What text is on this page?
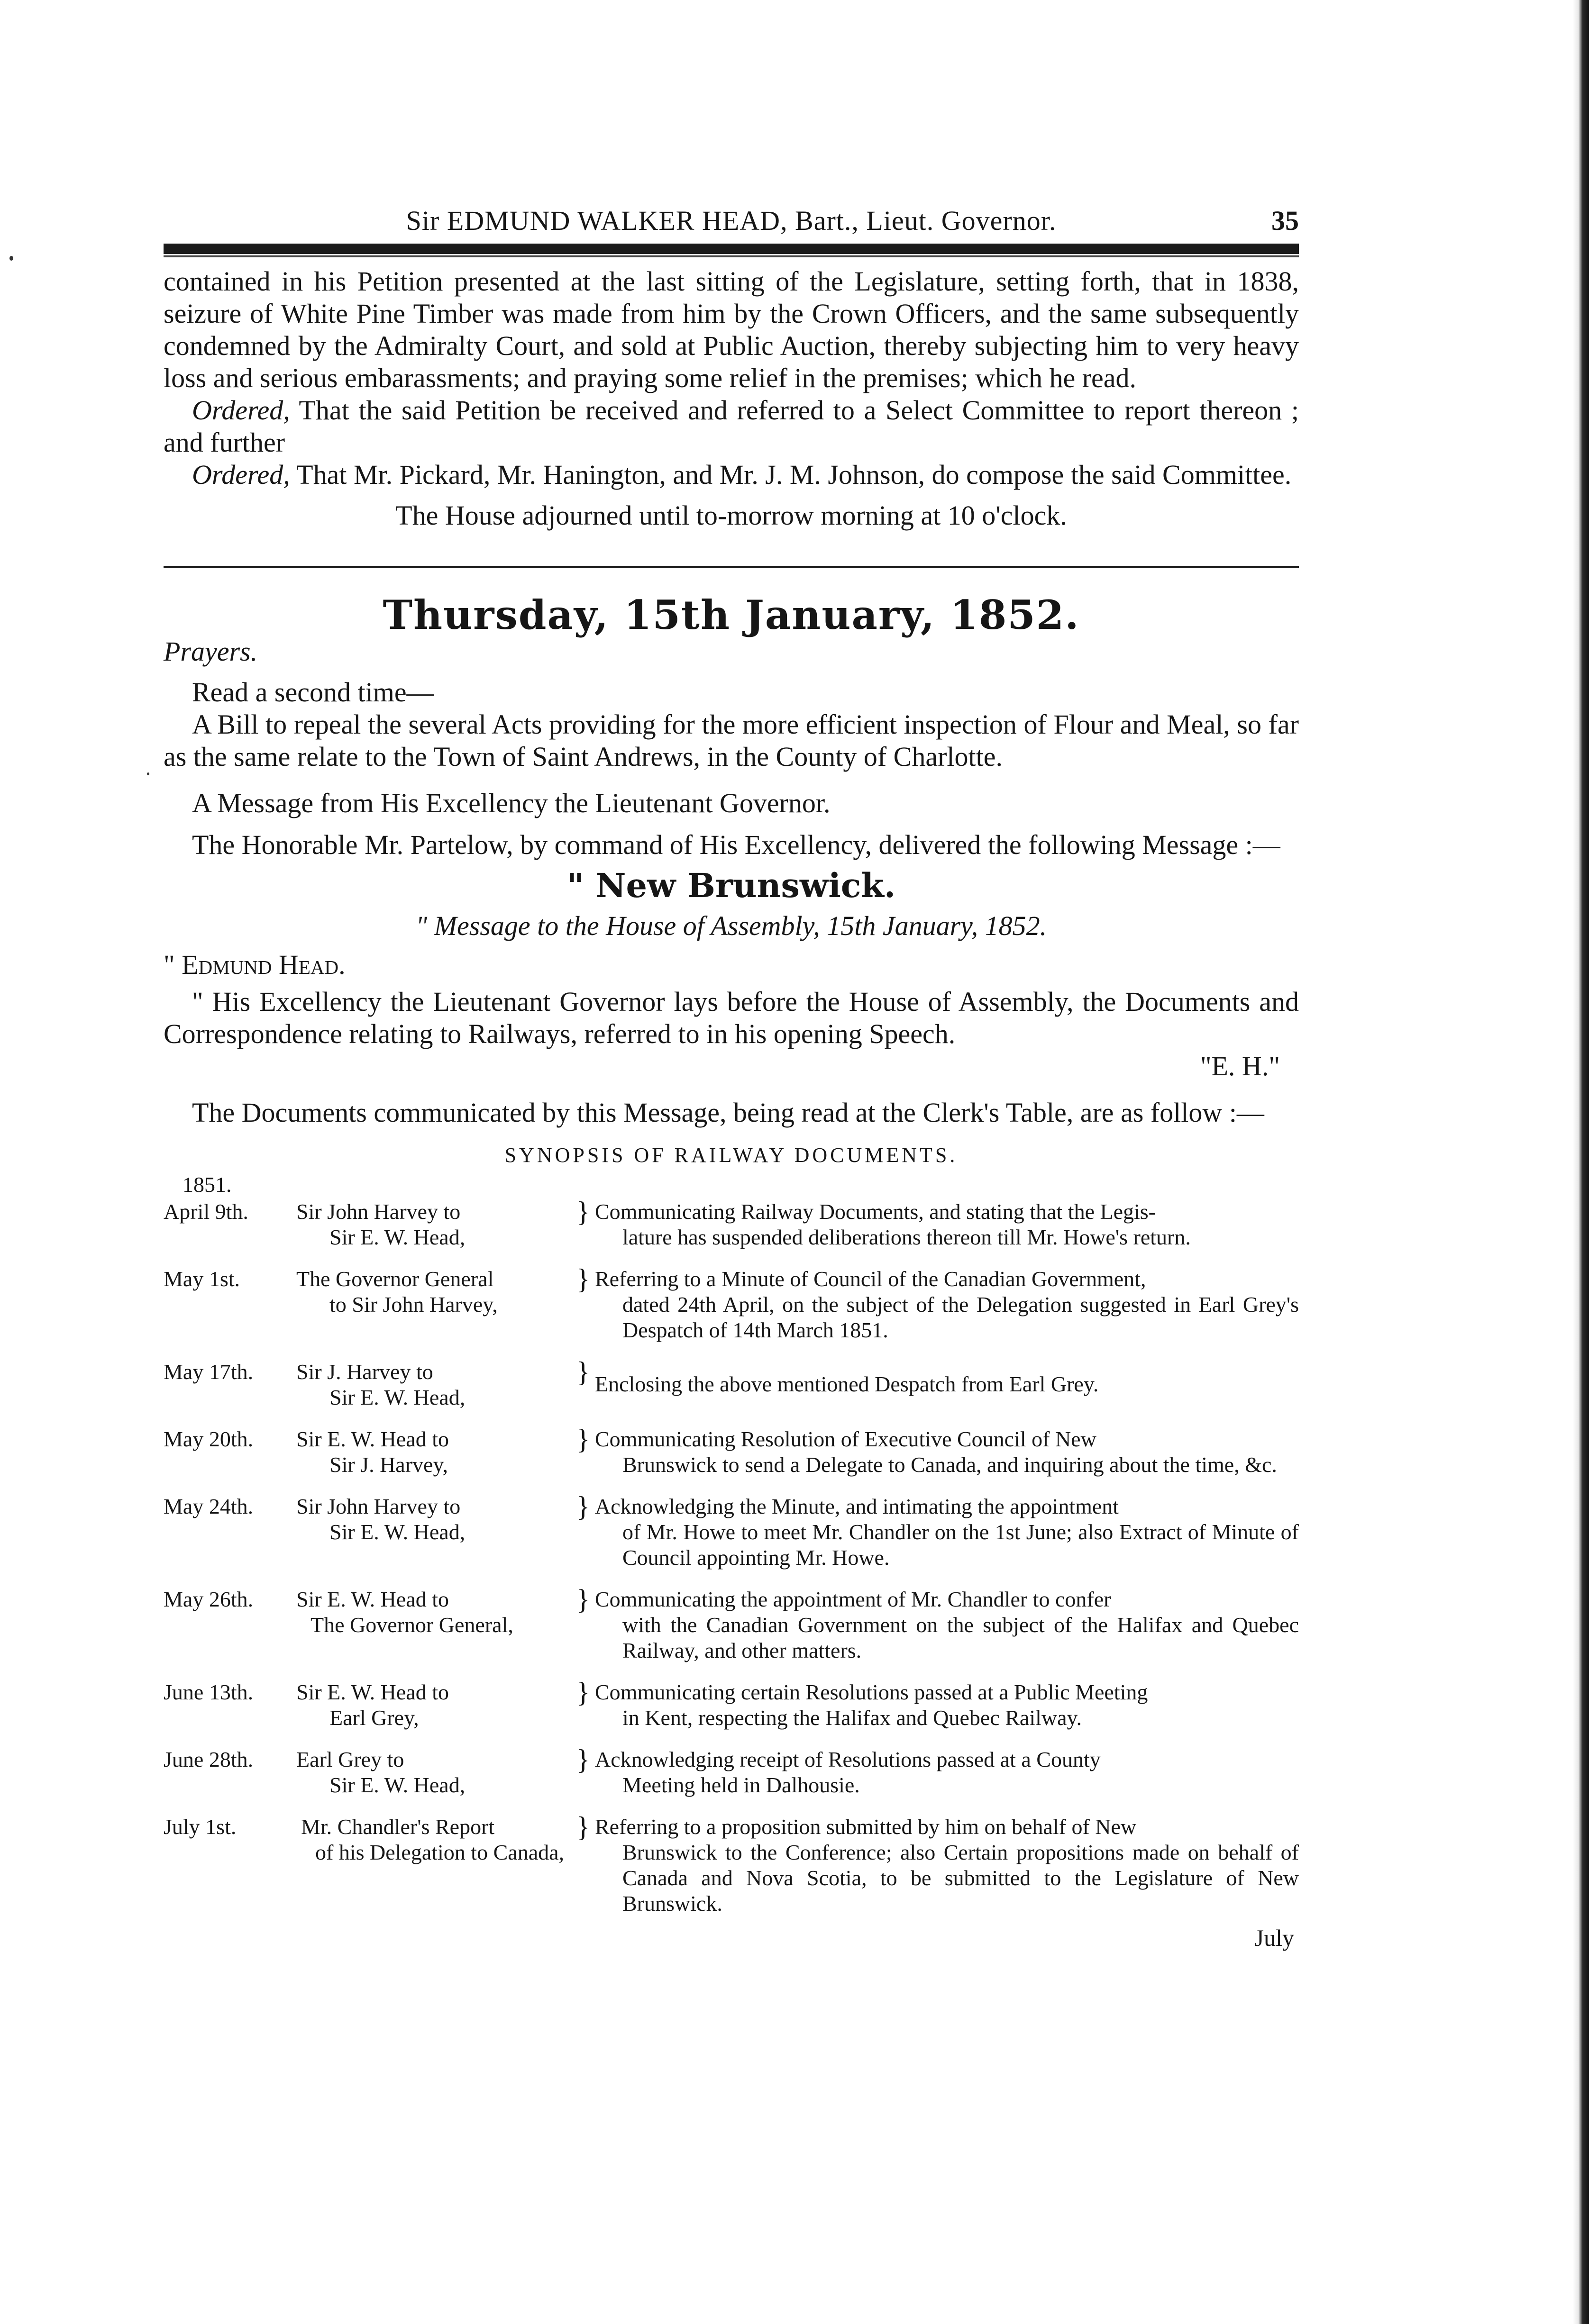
Sir EDMUND WALKER HEAD, Bart., Lieut. Governor.	35

contained in his Petition presented at the last sitting of the Legislature, setting forth, that in 1838, seizure of White Pine Timber was made from him by the Crown Officers, and the same subsequently condemned by the Admiralty Court, and sold at Public Auction, thereby subjecting him to very heavy loss and serious embarassments; and praying some relief in the premises; which he read.

Ordered, That the said Petition be received and referred to a Select Committee to report thereon ; and further

Ordered, That Mr. Pickard, Mr. Hanington, and Mr. J. M. Johnson, do compose the said Committee.

The House adjourned until to-morrow morning at 10 o'clock.

Thursday, 15th January, 1852.

Prayers.

Read a second time—

A Bill to repeal the several Acts providing for the more efficient inspection of Flour and Meal, so far as the same relate to the Town of Saint Andrews, in the County of Charlotte.

A Message from His Excellency the Lieutenant Governor.

The Honorable Mr. Partelow, by command of His Excellency, delivered the following Message :—

" New Brunswick.

" Message to the House of Assembly, 15th January, 1852.

" Edmund Head.

" His Excellency the Lieutenant Governor lays before the House of Assembly, the Documents and Correspondence relating to Railways, referred to in his opening Speech.

"E. H."

The Documents communicated by this Message, being read at the Clerk's Table, are as follow :—

SYNOPSIS OF RAILWAY DOCUMENTS.

1851.

April 9th.	Sir John Harvey to
Sir E. W. Head,	}	Communicating Railway Documents, and stating that the Legis-
lature has suspended deliberations thereon till Mr. Howe's return.

May 1st.	The Governor General
to Sir John Harvey,	}	Referring to a Minute of Council of the Canadian Government,
dated 24th April, on the subject of the Delegation suggested in Earl Grey's Despatch of 14th March 1851.

May 17th.	Sir J. Harvey to
Sir E. W. Head,	}	Enclosing the above mentioned Despatch from Earl Grey.
May 20th.	Sir E. W. Head to
Sir J. Harvey,	}	Communicating Resolution of Executive Council of New
Brunswick to send a Delegate to Canada, and inquiring about the time, &c.

May 24th.	Sir John Harvey to
Sir E. W. Head,	}	Acknowledging the Minute, and intimating the appointment
of Mr. Howe to meet Mr. Chandler on the 1st June; also Extract of Minute of Council appointing Mr. Howe.

May 26th.	Sir E. W. Head to
The Governor General,	}	Communicating the appointment of Mr. Chandler to confer
with the Canadian Government on the subject of the Halifax and Quebec Railway, and other matters.

June 13th.	Sir E. W. Head to
Earl Grey,	}	Communicating certain Resolutions passed at a Public Meeting
in Kent, respecting the Halifax and Quebec Railway.

June 28th.	Earl Grey to
Sir E. W. Head,	}	Acknowledging receipt of Resolutions passed at a County
Meeting held in Dalhousie.

July 1st.	Mr. Chandler's Report
of his Delegation to Canada,	}	Referring to a proposition submitted by him on behalf of New
Brunswick to the Conference; also Certain propositions made on behalf of Canada and Nova Scotia, to be submitted to the Legislature of New Brunswick.

July
